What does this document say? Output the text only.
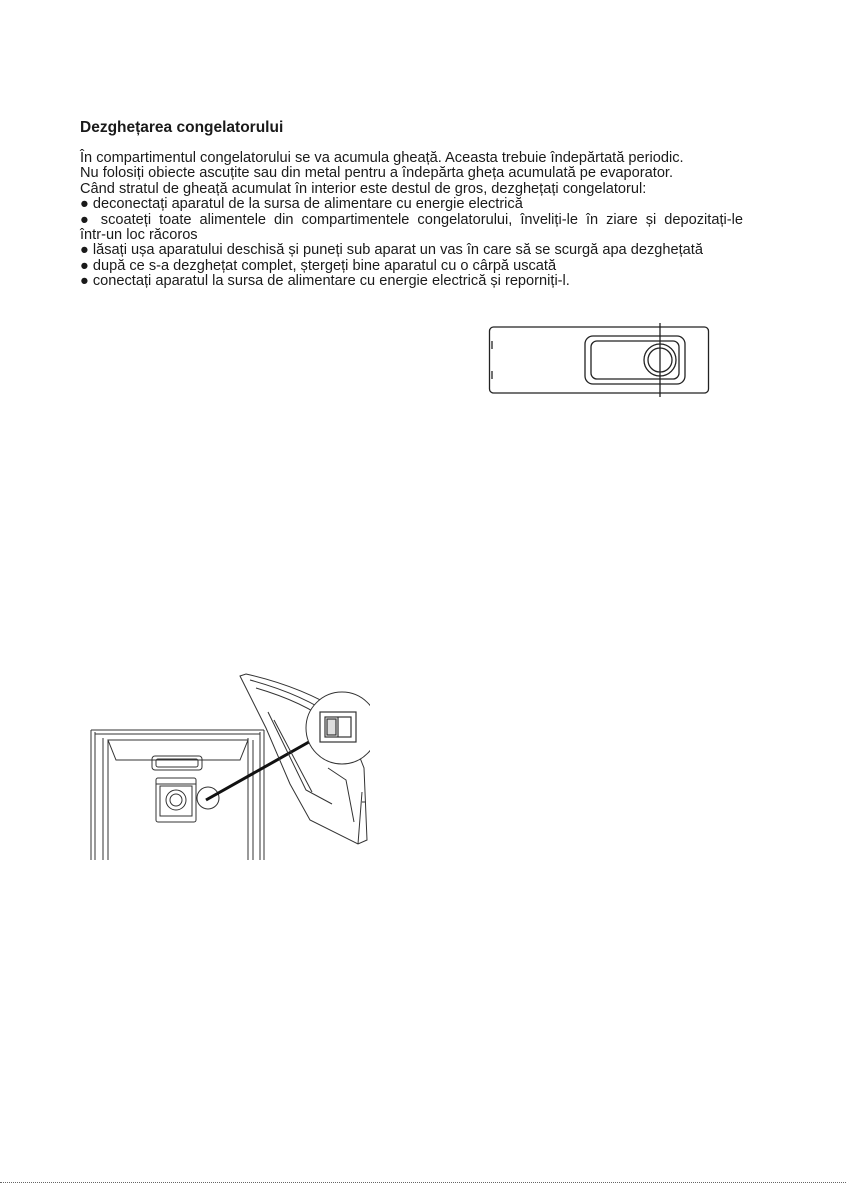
Dezghețarea congelatorului
În compartimentul congelatorului se va acumula gheață. Aceasta trebuie îndepărtată periodic.
Nu folosiți obiecte ascuțite sau din metal pentru a îndepărta gheța acumulată pe evaporator.
Când stratul de gheață acumulat în interior este destul de gros, dezghețați congelatorul:
● deconectați aparatul de la sursa de alimentare cu energie electrică
● scoateți toate alimentele din compartimentele congelatorului, înveliți-le în ziare și depozitați-le
într-un loc răcoros
● lăsați ușa aparatului deschisă și puneți sub aparat un vas în care să se scurgă apa dezghețată
● după ce s-a dezghețat complet, ștergeți bine aparatul cu o cârpă uscată
● conectați aparatul la sursa de alimentare cu energie electrică și reporniți-l.
